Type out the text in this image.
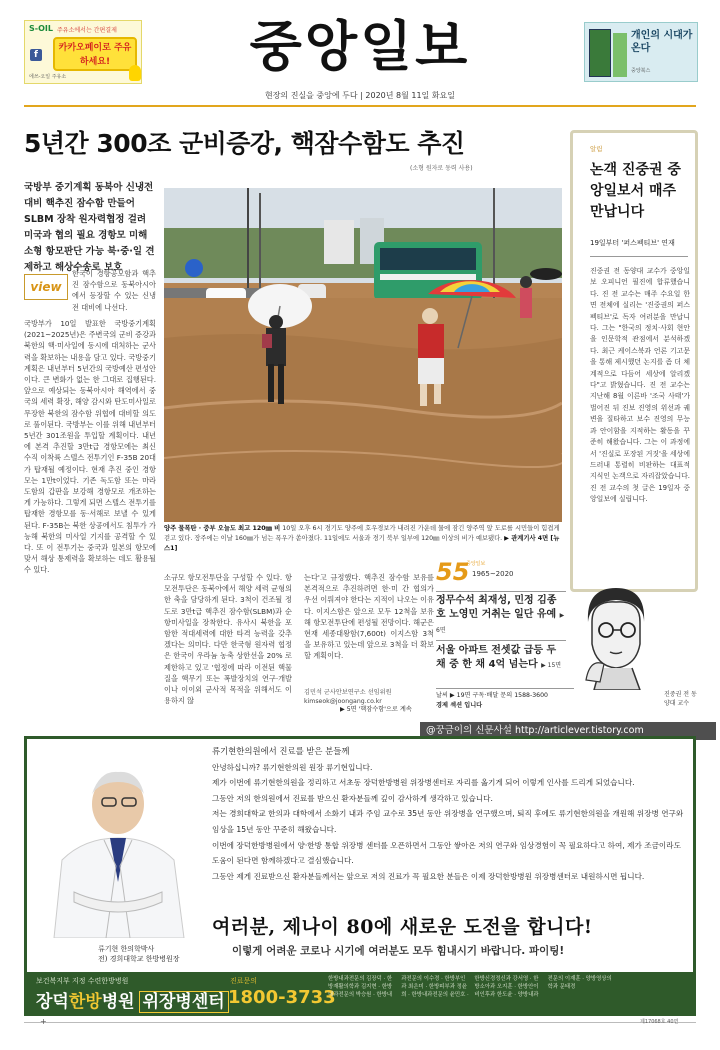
S-OIL 주유소에서는 간편결제
f
카카오페이로 주유하세요!
에쓰-오일 주유소	중앙일보
현장의 진실을 중앙에 두다 | 2020년 8월 11일 화요일
개인의 시대가 온다
중앙북스
5년간 300조 군비증강, 핵잠수함도 추진
(소형 원자로 동력 사용)
국방부 중기계획 동북아 신냉전 대비 핵추진 잠수함 만들어 SLBM 장착 원자력협정 걸려 미국과 협의 필요 경항모 미해 소형 항모판단 가능 북·중·일 견제하고 해상수송로 보호
view
한국이 경항공모함과 핵추진 잠수함으로 동북아시아에서 등장할 수 있는 신냉전 대비에 나선다.
국방부가 10일 발표한 국방중기계획(2021~2025년)은 주변국의 군비 증강과 북한의 핵·미사일에 동시에 대처하는 군사력을 확보하는 내용을 담고 있다. 국방중기계획은 내년부터 5년간의 국방예산 편성안이다. 큰 변화가 없는 한 그대로 집행된다. 앞으로 예상되는 동북아시아 해역에서 중국의 세력 확장, 해양 감시와 탄도미사일로 무장한 북한의 잠수함 위협에 대비할 의도로 풀이된다. 국방부는 이를 위해 내년부터 5년간 301조원을 투입할 계획이다. 내년에 본격 추진할 3만t급 경항모에는 최신 수직 이착륙 스텔스 전투기인 F-35B 20대가 탑재될 예정이다. 현재 추진 중인 경항모는 1만t이었다. 기존 독도함 또는 마라도함의 갑판을 보강해 경항모로 개조하는 게 가능하다. 그렇게 되면 스텔스 전투기를 탑재한 경항모를 동·서해로 보낼 수 있게 된다. F-35B는 북한 상공에서도 침투가 가능해 북한의 미사일 기지를 공격할 수 있다. 또 이 전투기는 중국과 일본의 항모에 맞서 해상 통제력을 확보하는 데도 활용될 수 있다.
양주 물폭탄 · 중부 오늘도 최고 120㎜ 비 10일 오후 6시 경기도 양주에 호우경보가 내려진 가운데 물에 잠긴 양주역 앞 도로를 시민들이 힘겹게 걷고 있다. 장주에는 이날 160㎜가 넘는 폭우가 쏟아졌다. 11일에도 서울과 경기 북부 일부에 120㎜ 이상의 비가 예보됐다. ▶ 관계기사 4면 [뉴스1]
소규모 항모전투단을 구성할 수 있다. 항모전투단은 동북아에서 해양 세력 균형의 한 축을 담당하게 된다. 3척이 건조될 정도로 3만t급 핵추진 잠수함(SLBM)과 순항미사일을 장착한다. 유사시 북한을 포함한 적대세력에 대한 타격 능력을 갖추겠다는 의미다. 다만 한국형 원자력 협정은 한국이 우라늄 농축 상한선을 20% 로 제한하고 있고 '협정에 따라 이전된 핵물질을 핵무기 또는 폭발장치의 연구·개발이나 이이외 군사적 목적을 위해서도 이용하지 않
는다'고 규정했다. 핵추진 잠수함 보유를 본격적으로 추진하려면 한·미 간 협의가 우선 이뤄져야 한다는 지적이 나오는 이유다. 이지스함은 앞으로 모두 12척을 보유해 항모전투단에 편성될 전망이다. 해군은 현재 세종대왕함(7,600t) 이지스함 3척을 보유하고 있는데 앞으로 3척을 더 확보할 계획이다.
김민석 군사안보연구소 선임위원 kimseok@joongang.co.kr
▶ 5면 '핵잠수함'으로 계속
55
중앙일보
1965~2020
정무수석 최재성, 민정 김종호 노영민 거취는 일단 유예 ▶ 6면
서울 아파트 전셋값 급등 두 채 중 한 채 4억 넘는다 ▶ 15면
날씨 ▶ 19면 구독·배달 문의 1588-3600
경제 섹션 입니다
알림
논객 진중권 중앙일보서 매주 만납니다
19일부터 '퍼스펙티브' 연재
진중권 전 동양대 교수가 중앙일보 오피니언 필진에 합류했습니다. 진 전 교수는 매주 수요일 한 면 전체에 실리는 '진중권의 퍼스펙티브'로 독자 여러분을 만납니다. 그는 "한국의 정치·사회 현안을 인문학적 관점에서 분석하겠다. 최근 케이스북과 언론 기고문을 통해 제시했던 논지를 좀 더 체계적으로 다듬어 세상에 알리겠다"고 밝혔습니다. 진 전 교수는 지난해 8월 이른바 '조국 사태'가 벌어진 뒤 진보 진영의 위선과 궤변을 질타하고 보수 진영의 무능과 안이함을 지적하는 활동을 꾸준히 해왔습니다. 그는 이 과정에서 '진실로 포장된 거짓'을 세상에 드러내 통렬히 비판하는 대표적 지식인 논객으로 자리잡았습니다. 진 전 교수의 첫 글은 19일자 중앙일보에 실립니다.
진중권 전 동양대 교수
@꿍금이의 신문사설 http://articlever.tistory.com
류기현 한의학박사
전) 경희대학교 한방병원장
류기현한의원에서 진료를 받은 분들께
안녕하십니까? 류기현한의원 원장 류기현입니다.
제가 이번에 류기현한의원을 정리하고 서초동 장덕한방병원 위장병센터로 자리를 옮기게 되어 이렇게 인사를 드리게 되었습니다.
그동안 저의 한의원에서 진료를 받으신 환자분들께 깊이 감사하게 생각하고 있습니다.
저는 경희대학교 한의과 대학에서 소화기 내과 주임 교수로 35년 동안 위장병을 연구했으며, 퇴직 후에도 류기현한의원을 개원해 위장병 연구와 임상을 15년 동안 꾸준히 해왔습니다.
이번에 장덕한방병원에서 양·한방 통합 위장병 센터를 오픈하면서 그동안 쌓아온 저의 연구와 임상경험이 꼭 필요하다고 하여, 제가 조금이라도 도움이 된다면 함께하겠다고 결심했습니다.
그동안 제게 진료받으신 환자분들께서는 앞으로 저의 진료가 꼭 필요한 분들은 이제 장덕한방병원 위장병센터로 내원하시면 됩니다.
여러분, 제나이 80에 새로운 도전을 합니다!
이렇게 어려운 코로나 시기에 여러분도 모두 힘내시기 바랍니다. 파이팅!
보건복지부 지정 수련한방병원
장덕한방병원 위장병센터
진료문의
1800-3733
한방내과전문의 김장덕 · 한방재활의학과 김지현 · 한방내과전문의 박승원 · 한방내과전문의 이수경 · 한방부인과 최은미 · 한방피부과 정윤희 · 한방내과전문의 윤민호 · 한방신경정신과 강서영 · 한방소아과 오지훈 · 한방안이비인후과 한도윤 · 양방내과전문의 이재훈 · 양방영상의학과 문태경
+	제17068호 40면
